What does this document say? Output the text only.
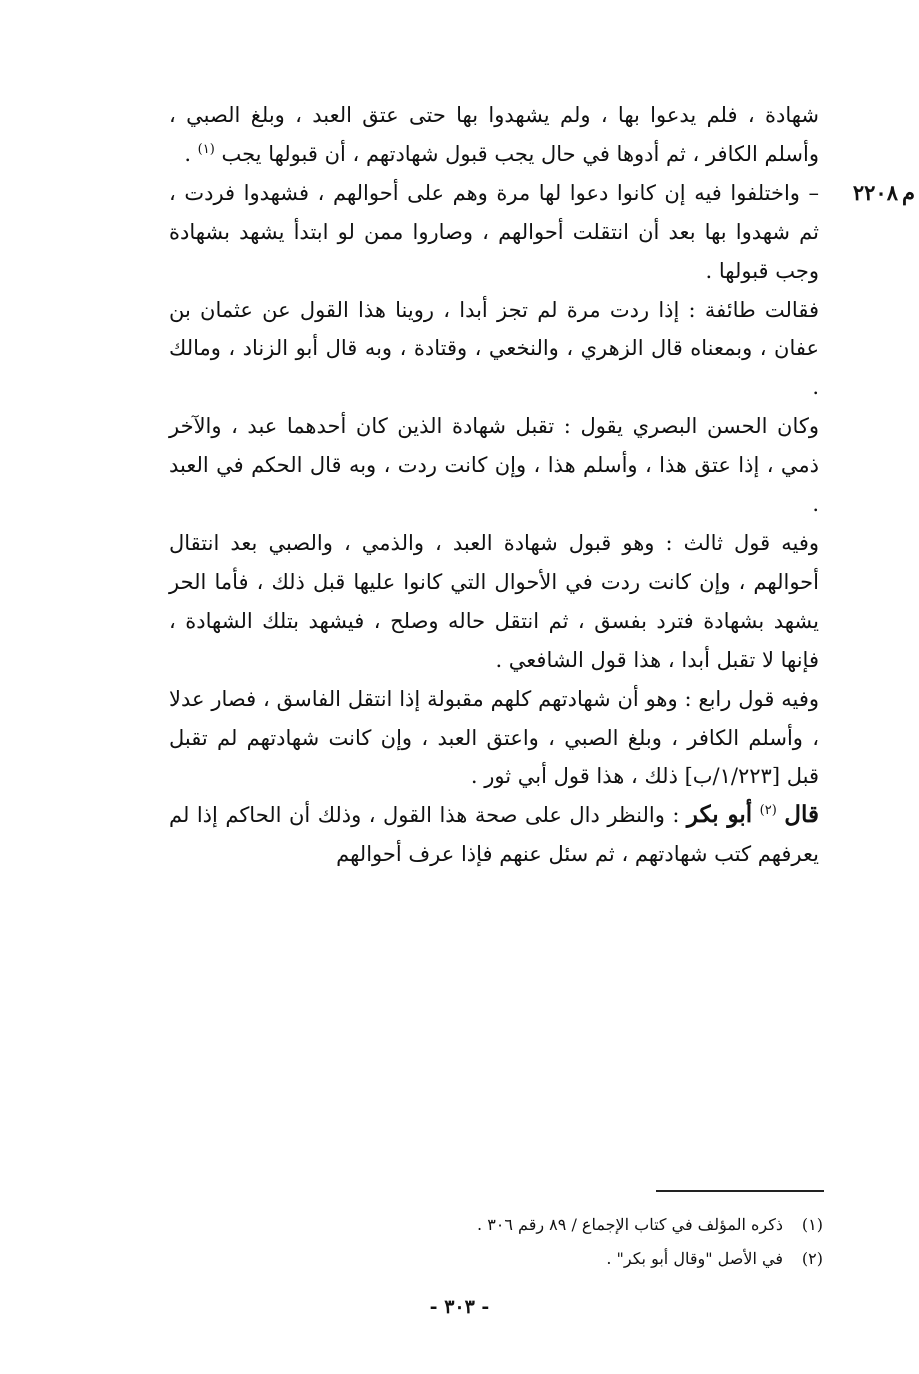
شهادة ، فلم يدعوا بها ، ولم يشهدوا بها حتى عتق العبد ، وبلغ الصبي ، وأسلم الكافر ، ثم أدوها في حال يجب قبول شهادتهم ، أن قبولها يجب $^{(١)}$ .

م٢٢٠٨
– واختلفوا فيه إن كانوا دعوا لها مرة وهم على أحوالهم ، فشهدوا فردت ، ثم شهدوا بها بعد أن انتقلت أحوالهم ، وصاروا ممن لو ابتدأ يشهد بشهادة وجب قبولها .

فقالت طائفة : إذا ردت مرة لم تجز أبدا ، روينا هذا القول عن عثمان بن عفان ، وبمعناه قال الزهري ، والنخعي ، وقتادة ، وبه قال أبو الزناد ، ومالك .

وكان الحسن البصري يقول : تقبل شهادة الذين كان أحدهما عبد ، والآخر ذمي ، إذا عتق هذا ، وأسلم هذا ، وإن كانت ردت ، وبه قال الحكم في العبد .

وفيه قول ثالث : وهو قبول شهادة العبد ، والذمي ، والصبي بعد انتقال أحوالهم ، وإن كانت ردت في الأحوال التي كانوا عليها قبل ذلك ، فأما الحر يشهد بشهادة فترد بفسق ، ثم انتقل حاله وصلح ، فيشهد بتلك الشهادة ، فإنها لا تقبل أبدا ، هذا قول الشافعي .

وفيه قول رابع : وهو أن شهادتهم كلهم مقبولة إذا انتقل الفاسق ، فصار عدلا ، وأسلم الكافر ، وبلغ الصبي ، واعتق العبد ، وإن كانت شهادتهم لم تقبل قبل [١/٢٢٣/ب] ذلك ، هذا قول أبي ثور .

قال $^{(٢)}$ أبو بكر : والنظر دال على صحة هذا القول ، وذلك أن الحاكم إذا لم يعرفهم كتب شهادتهم ، ثم سئل عنهم فإذا عرف أحوالهم

(١)
ذكره المؤلف في كتاب الإجماع / ٨٩ رقم ٣٠٦ .
(٢)
في الأصل "وقال أبو بكر" .
- ٣٠٣ -
